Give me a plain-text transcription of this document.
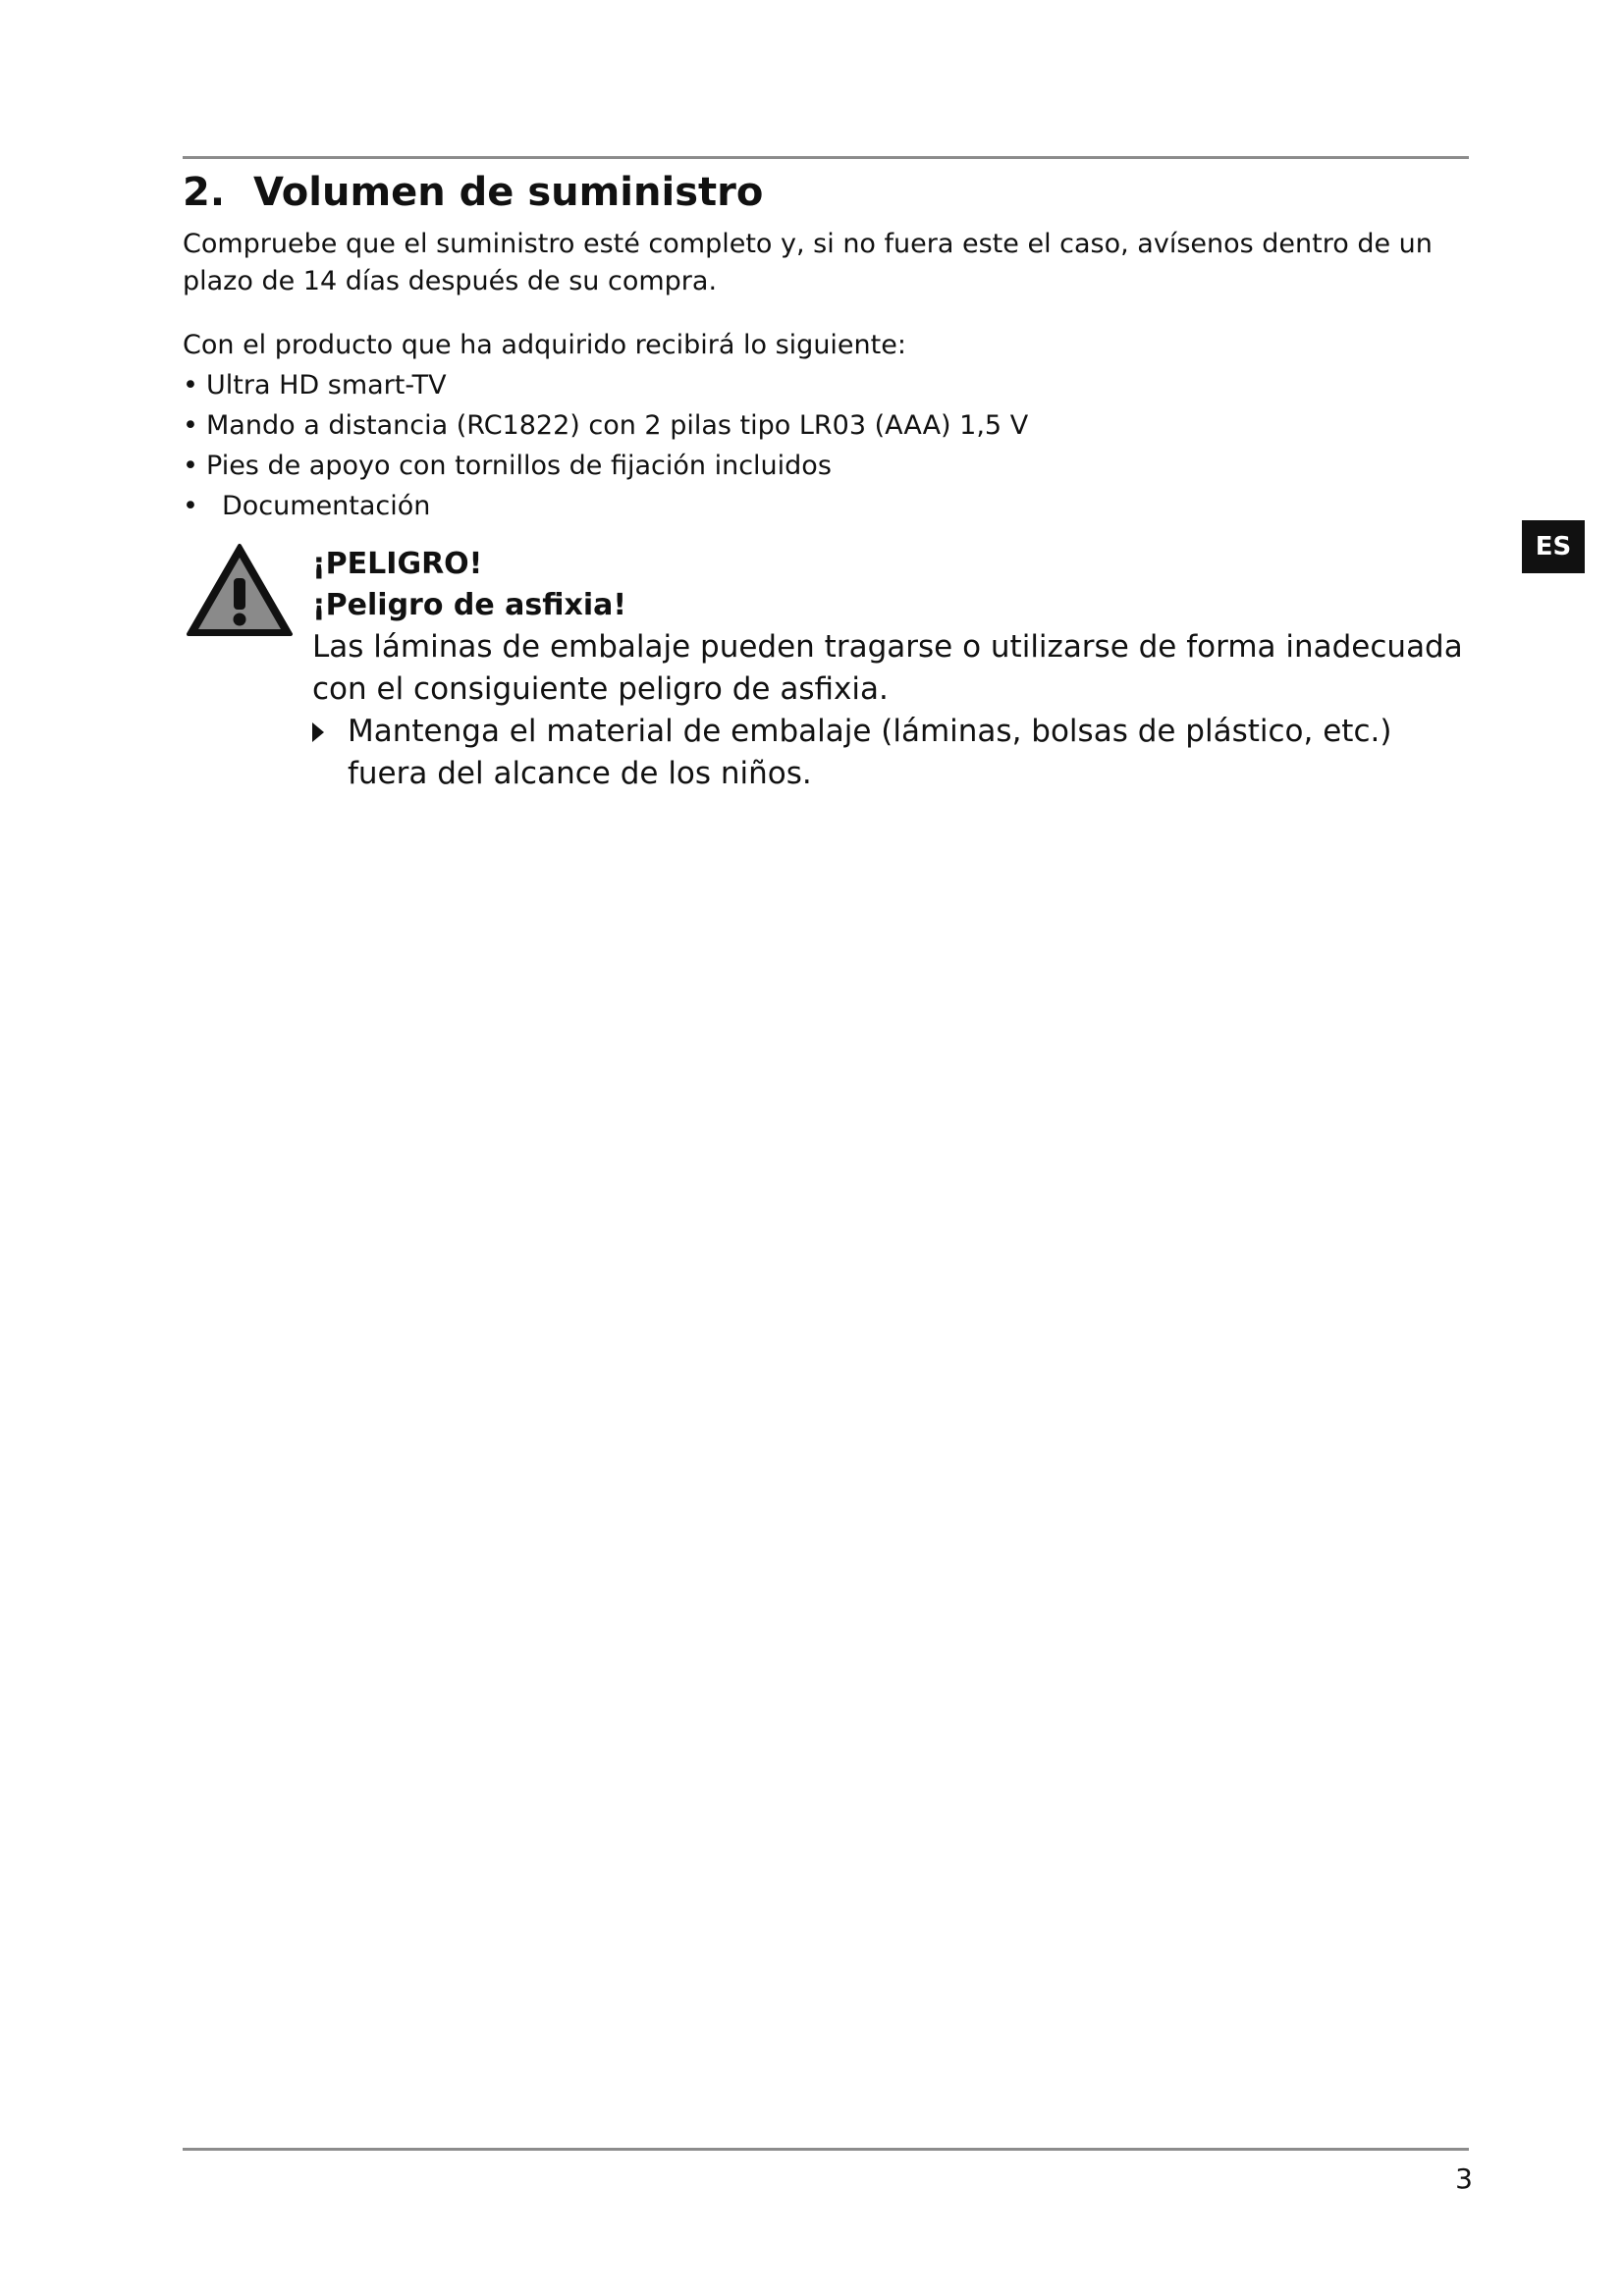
2. Volumen de suministro

Compruebe que el suministro esté completo y, si no fuera este el caso, avísenos dentro de un plazo de 14 días después de su compra.

Con el producto que ha adquirido recibirá lo siguiente:

• Ultra HD smart-TV
• Mando a distancia (RC1822) con 2 pilas tipo LR03 (AAA) 1,5 V
• Pies de apoyo con tornillos de fijación incluidos
• Documentación

¡PELIGRO!

¡Peligro de asfixia!

Las láminas de embalaje pueden tragarse o utilizarse de forma inadecuada con el consiguiente peligro de asfixia.

Mantenga el material de embalaje (láminas, bolsas de plástico, etc.) fuera del alcance de los niños.

ES
3
